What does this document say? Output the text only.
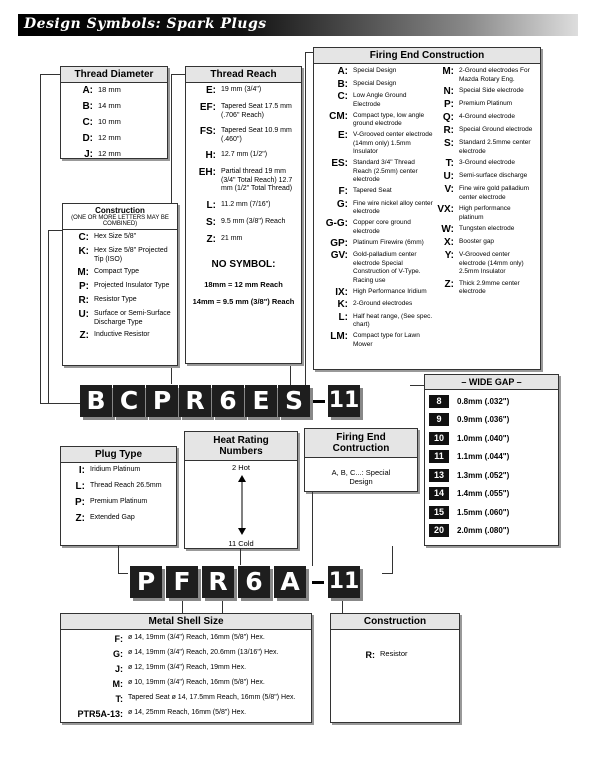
Design Symbols: Spark Plugs
Thread Diameter
A: 18 mm
B: 14 mm
C: 10 mm
D: 12 mm
J: 12 mm
Construction
(ONE OR MORE LETTERS MAY BE COMBINED)
C: Hex Size 5/8"
K: Hex Size 5/8" Projected Tip (ISO)
M: Compact Type
P: Projected Insulator Type
R: Resistor Type
U: Surface or Semi-Surface Discharge Type
Z: Inductive Resistor
Thread Reach
E: 19 mm (3/4")
EF: Tapered Seat 17.5 mm (.706" Reach)
FS: Tapered Seat 10.9 mm (.460")
H: 12.7 mm (1/2")
EH: Partial thread 19 mm (3/4" Total Reach) 12.7 mm (1/2" Total Thread)
L: 11.2 mm (7/16")
S: 9.5 mm (3/8") Reach
Z: 21 mm
NO SYMBOL:
18mm = 12 mm Reach
14mm = 9.5 mm (3/8") Reach
Firing End Construction
A: Special Design
B: Special Design
C: Low Angle Ground Electrode
CM: Compact type, low angle ground electrode
E: V-Grooved center electrode (14mm only) 1.5mm Insulator
ES: Standard 3/4" Thread Reach (2.5mm) center electrode
F: Tapered Seat
G: Fine wire nickel alloy center electrode
G-G: Copper core ground electrode
GP: Platinum Firewire (6mm)
GV: Gold-palladium center electrode Special Construction of V-Type. Racing use
IX: High Performance Iridium
K: 2-Ground electrodes
L: Half heat range, (See spec. chart)
LM: Compact type for Lawn Mower
M: 2-Ground electrodes For Mazda Rotary Eng.
N: Special Side electrode
P: Premium Platinum
Q: 4-Ground electrode
R: Special Ground electrode
S: Standard 2.5mme center electrode
T: 3-Ground electrode
U: Semi-surface discharge
V: Fine wire gold palladium center electrode
VX: High performance platinum
W: Tungsten electrode
X: Booster gap
Y: V-Grooved center electrode (14mm only) 2.5mm Insulator
Z: Thick 2.9mme center electrode
B C P R 6 E S	11
– WIDE GAP –
8	0.8mm (.032")
9	0.9mm (.036")
10	1.0mm (.040")
11	1.1mm (.044")
13	1.3mm (.052")
14	1.4mm (.055")
15	1.5mm (.060")
20	2.0mm (.080")
Plug Type
I: Iridium Platinum
L: Thread Reach 26.5mm
P: Premium Platinum
Z: Extended Gap
Heat Rating Numbers
2 Hot
11 Cold
Firing End Contruction
A, B, C...: Special Design
P F R 6 A 11
Metal Shell Size
F: ø 14, 19mm (3/4") Reach, 16mm (5/8") Hex.
G: ø 14, 19mm (3/4") Reach, 20.6mm (13/16") Hex.
J: ø 12, 19mm (3/4") Reach, 19mm Hex.
M: ø 10, 19mm (3/4") Reach, 16mm (5/8") Hex.
T: Tapered Seat ø 14, 17.5mm Reach, 16mm (5/8") Hex.
PTR5A-13: ø 14, 25mm Reach, 16mm (5/8") Hex.
Construction
R: Resistor
